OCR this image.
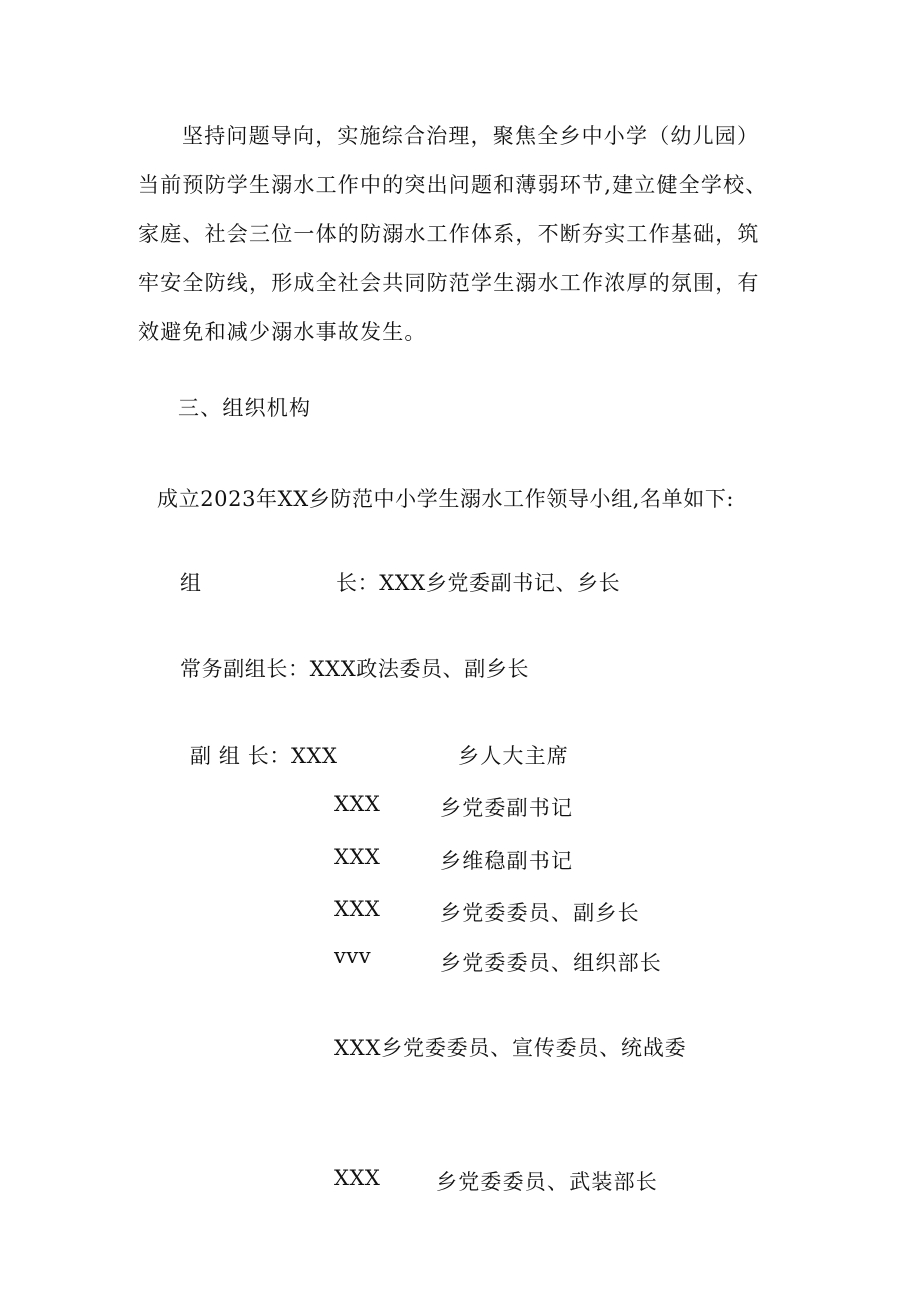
坚持问题导向，实施综合治理，聚焦全乡中小学（幼儿园）
当前预防学生溺水工作中的突出问题和薄弱环节,建立健全学校、
家庭、社会三位一体的防溺水工作体系，不断夯实工作基础，筑
牢安全防线，形成全社会共同防范学生溺水工作浓厚的氛围，有
效避免和减少溺水事故发生。

三、组织机构

成立2023年XX乡防范中小学生溺水工作领导小组,名单如下:

组	长：XXX乡党委副书记、乡长

常务副组长：XXX政法委员、副乡长

副 组 长：XXX	乡人大主席

XXX	乡党委副书记

XXX	乡维稳副书记

XXX	乡党委委员、副乡长

vvv	乡党委委员、组织部长

XXX乡党委委员、宣传委员、统战委

XXX	乡党委委员、武装部长
